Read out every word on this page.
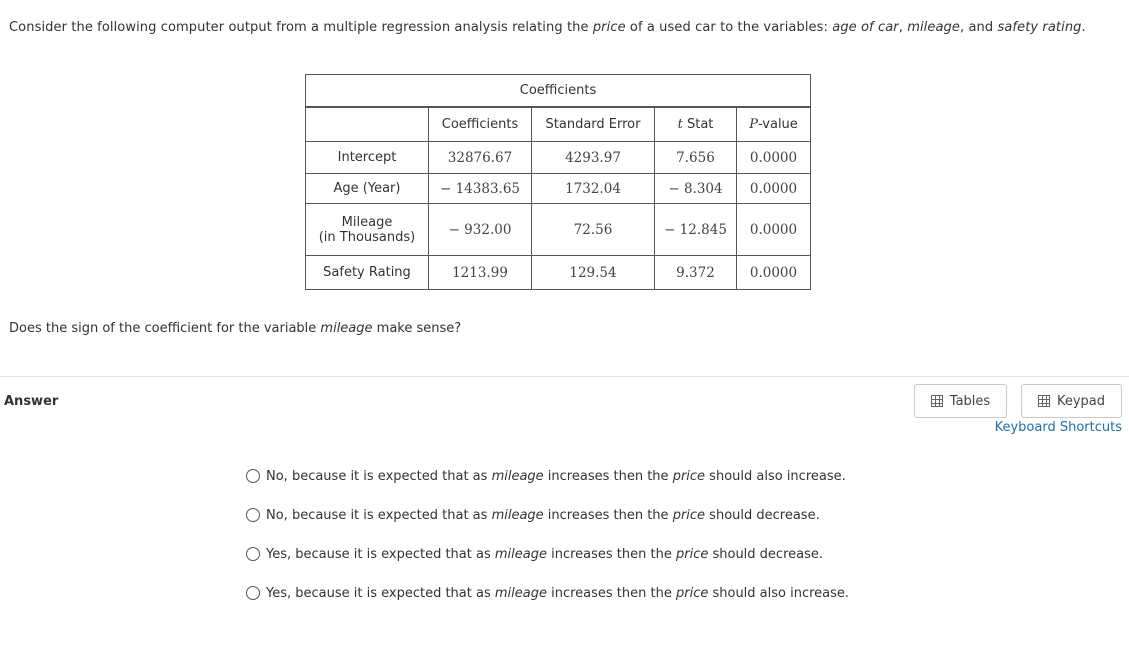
Consider the following computer output from a multiple regression analysis relating the price of a used car to the variables: age of car, mileage, and safety rating.
Coefficients				
	Coefficients	Standard Error	t Stat	P-value
Intercept	32876.67	4293.97	7.656	0.0000
Age (Year)	− 14383.65	1732.04	− 8.304	0.0000

Mileage
(in Thousands)	− 932.00	72.56	− 12.845	0.0000
Safety Rating	1213.99	129.54	9.372	0.0000
Does the sign of the coefficient for the variable mileage make sense?
Answer	Tables	Keypad
Keyboard Shortcuts
No, because it is expected that as mileage increases then the price should also increase.
No, because it is expected that as mileage increases then the price should decrease.
Yes, because it is expected that as mileage increases then the price should decrease.
Yes, because it is expected that as mileage increases then the price should also increase.
